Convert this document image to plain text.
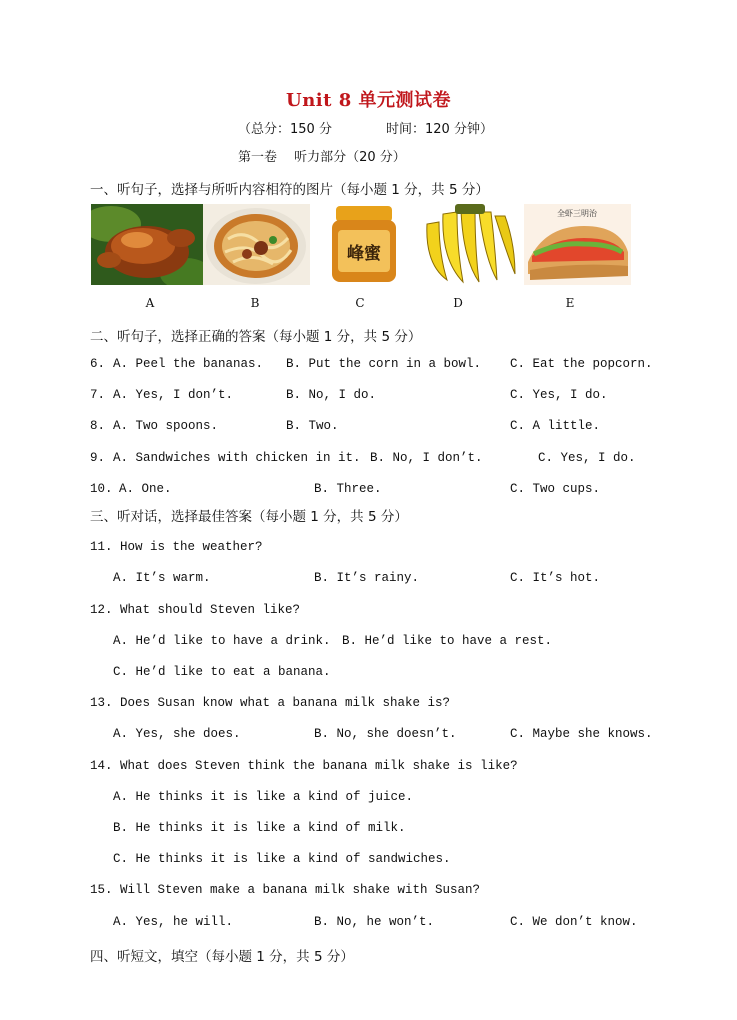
Unit 8 单元测试卷
（总分：150 分	时间：120 分钟）
第一卷　 听力部分（20 分）
一、听句子，选择与所听内容相符的图片（每小题 1 分，共 5 分）
峰蜜
全虾三明治
A	B	C	D	E
二、听句子，选择正确的答案（每小题 1 分，共 5 分）
6. A. Peel the bananas. B. Put the corn in a bowl. C. Eat the popcorn.
7. A. Yes, I don’t.	B. No, I do.	C. Yes, I do.
8. A. Two spoons.	B. Two.	C. A little.
9. A. Sandwiches with chicken in it. B. No, I don’t.	C. Yes, I do.
10. A. One.	B. Three.	C. Two cups.
三、听对话，选择最佳答案（每小题 1 分，共 5 分）
11. How is the weather?
A. It’s warm.	B. It’s rainy.	C. It’s hot.
12. What should Steven like?
A. He’d like to have a drink. B. He’d like to have a rest.
C. He’d like to eat a banana.
13. Does Susan know what a banana milk shake is?
A. Yes, she does.	B. No, she doesn’t.	C. Maybe she knows.
14. What does Steven think the banana milk shake is like?
A. He thinks it is like a kind of juice.
B. He thinks it is like a kind of milk.
C. He thinks it is like a kind of sandwiches.
15. Will Steven make a banana milk shake with Susan?
A. Yes, he will.	B. No, he won’t.	C. We don’t know.
四、听短文，填空（每小题 1 分，共 5 分）
